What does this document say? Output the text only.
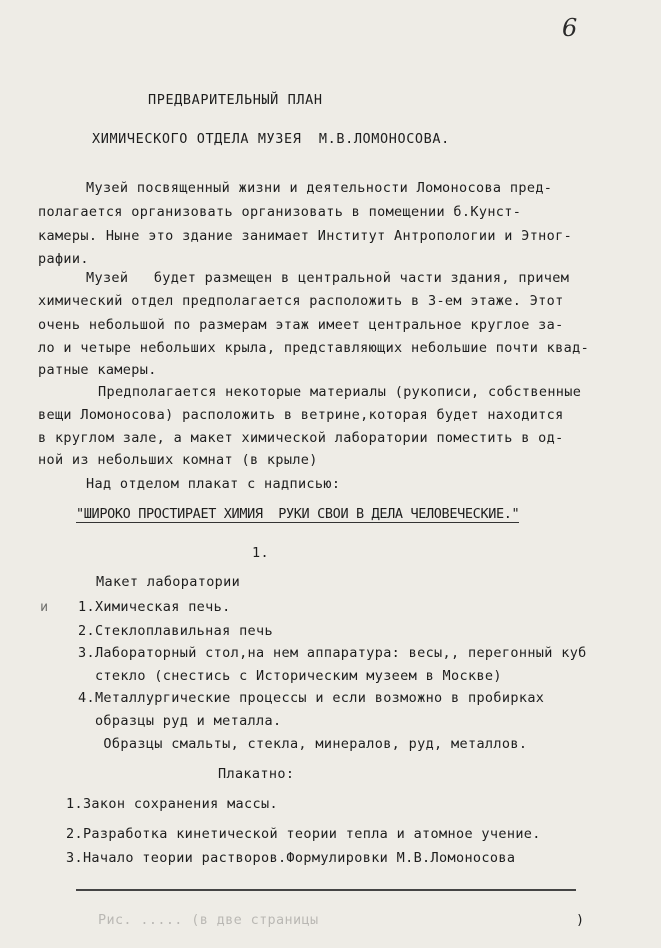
6
ПРЕДВАРИТЕЛЬНЫЙ ПЛАН
ХИМИЧЕСКОГО ОТДЕЛА МУЗЕЯ  М.В.ЛОМОНОСОВА.
Музей посвященный жизни и деятельности Ломоносова пред-
полагается организовать организовать в помещении б.Кунст-
камеры. Ныне это здание занимает Институт Антропологии и Этног-
рафии.
Музей   будет размещен в центральной части здания, причем
химический отдел предполагается расположить в 3-ем этаже. Этот
очень небольшой по размерам этаж имеет центральное круглое за-
ло и четыре небольших крыла, представляющих небольшие почти квад-
ратные камеры.
Предполагается некоторые материалы (рукописи, собственные
вещи Ломоносова) расположить в ветрине,которая будет находится
в круглом зале, а макет химической лаборатории поместить в од-
ной из небольших комнат (в крыле)
Над отделом плакат с надписью:
"ШИРОКО ПРОСТИРАЕТ ХИМИЯ  РУКИ СВОИ В ДЕЛА ЧЕЛОВЕЧЕСКИЕ."
1.
Макет лаборатории
и 1.Химическая печь.
2.Стеклоплавильная печь
3.Лабораторный стол,на нем аппаратура: весы,, перегонный куб
стекло (снестись с Историческим музеем в Москве)
4.Металлургические процессы и если возможно в пробирках
образцы руд и металла.
Образцы смальты, стекла, минералов, руд, металлов.
Плакатно:
1.Закон сохранения массы.
2.Разработка кинетической теории тепла и атомное учение.
3.Начало теории растворов.Формулировки М.В.Ломоносова
Рис. ..... (в две страницы	)
